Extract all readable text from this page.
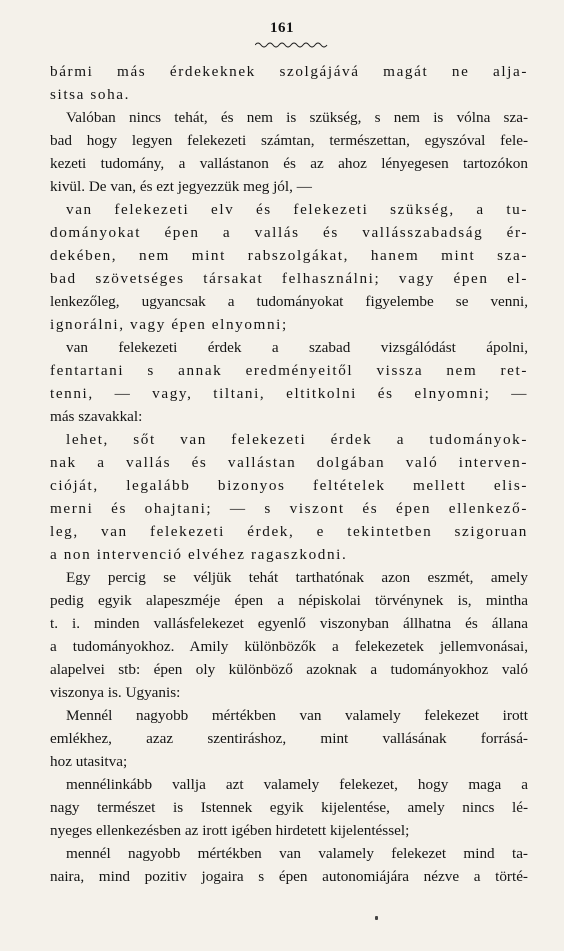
161
bármi más érdekeknek szolgájává magát ne alja-
sitsa soha.
Valóban nincs tehát, és nem is szükség, s nem is vólna sza-
bad hogy legyen felekezeti számtan, természettan, egyszóval fele-
kezeti tudomány, a vallástanon és az ahoz lényegesen tartozókon
kivül. De van, és ezt jegyezzük meg jól, —
van felekezeti elv és felekezeti szükség, a tu-
dományokat épen a vallás és vallásszabadság ér-
dekében, nem mint rabszolgákat, hanem mint sza-
bad szövetséges társakat felhasználni; vagy épen el-
lenkezőleg, ugyancsak a tudományokat figyelembe se venni,
ignorálni, vagy épen elnyomni;
van felekezeti érdek a szabad vizsgálódást ápolni,
fentartani s annak eredményeitől vissza nem ret-
tenni, — vagy, tiltani, eltitkolni és elnyomni; —
más szavakkal:
lehet, sőt van felekezeti érdek a tudományok-
nak a vallás és vallástan dolgában való interven-
cióját, legalább bizonyos feltételek mellett elis-
merni és ohajtani; — s viszont és épen ellenkező-
leg, van felekezeti érdek, e tekintetben szigoruan
a non intervenció elvéhez ragaszkodni.
Egy percig se véljük tehát tarthatónak azon eszmét, amely
pedig egyik alapeszméje épen a népiskolai törvénynek is, mintha
t. i. minden vallásfelekezet egyenlő viszonyban állhatna és állana
a tudományokhoz. Amily különbözők a felekezetek jellemvonásai,
alapelvei stb: épen oly különböző azoknak a tudományokhoz való
viszonya is. Ugyanis:
Mennél nagyobb mértékben van valamely felekezet irott
emlékhez, azaz szentiráshoz, mint vallásának forrásá-
hoz utasitva;
mennélinkább vallja azt valamely felekezet, hogy maga a
nagy természet is Istennek egyik kijelentése, amely nincs lé-
nyeges ellenkezésben az irott igében hirdetett kijelentéssel;
mennél nagyobb mértékben van valamely felekezet mind ta-
naira, mind pozitiv jogaira s épen autonomiájára nézve a törté-
